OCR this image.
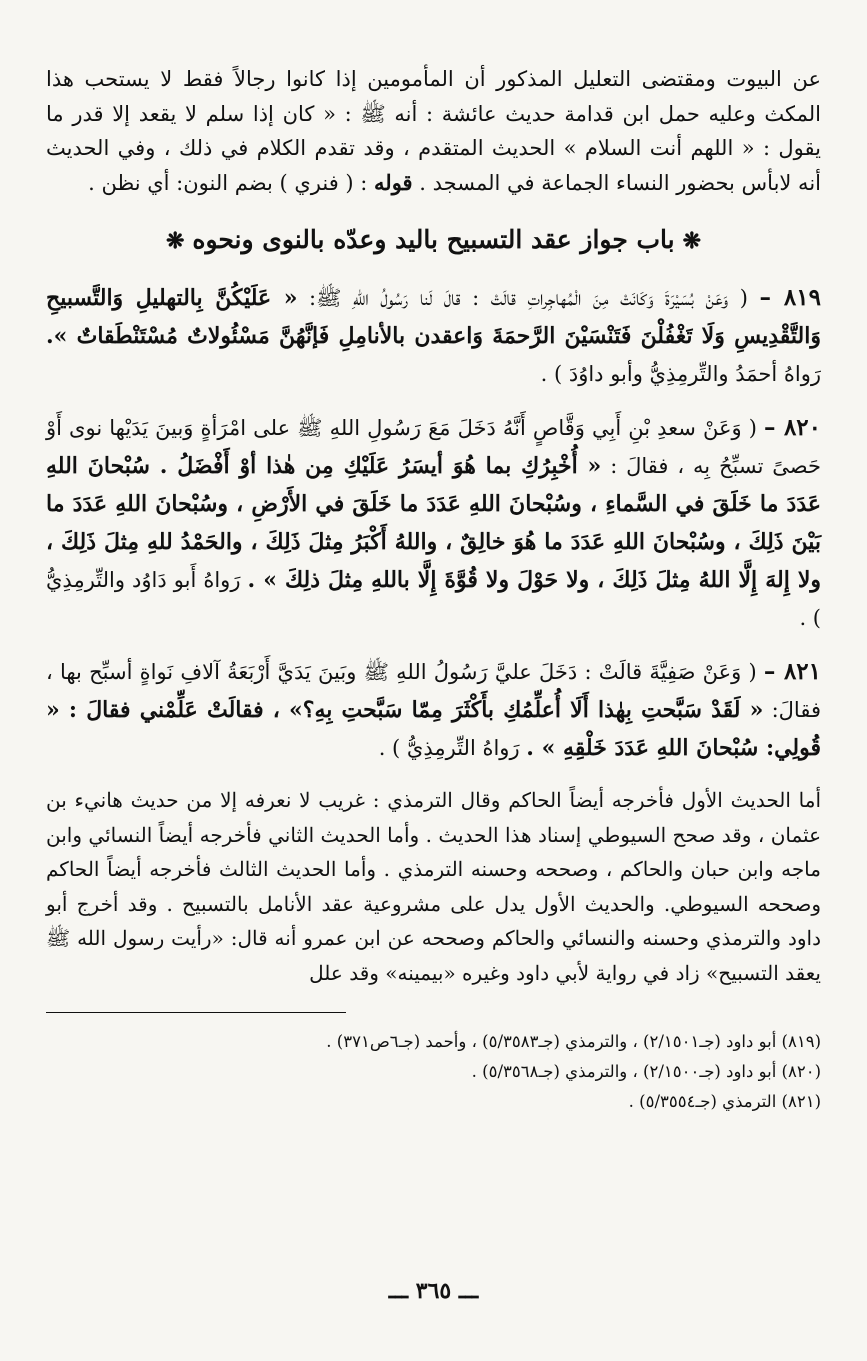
عن البيوت ومقتضى التعليل المذكور أن المأمومين إذا كانوا رجالاً فقط لا يستحب هذا المكث وعليه حمل ابن قدامة حديث عائشة : أنه ﷺ : « كان إذا سلم لا يقعد إلا قدر ما يقول : « اللهم أنت السلام » الحديث المتقدم ، وقد تقدم الكلام في ذلك ، وفي الحديث أنه لابأس بحضور النساء الجماعة في المسجد . قوله : ( فنري ) بضم النون: أي نظن .

❋باب جواز عقد التسبيح باليد وعدّه بالنوى ونحوه❋

٨١٩ – ( وَعَنْ بُسَيْرَةَ وَكَانَتْ مِنَ الْمُهاجِراتِ قالَتْ : قالَ لَنا رَسُولُ اللهِ ﷺ: « عَلَيْكُنَّ بِالتهليلِ وَالتَّسبيحِ وَالتَّقْدِيسِ وَلَا تَغْفُلْنَ فَتَنْسَيْنَ الرَّحمَةَ وَاعقدن بالأنامِلِ فَإنَّهُنَّ مَسْئُولاتٌ مُسْتَنْطَقاتٌ ». رَواهُ أحمَدُ والتِّرمِذِيُّ وأبو داوُدَ ) .

٨٢٠ – ( وَعَنْ سعدِ بْنِ أَبِي وَقَّاصٍ أَنَّهُ دَخَلَ مَعَ رَسُولِ اللهِ ﷺ على امْرَأةٍ وَبينَ يَدَيْها نوى أَوْ حَصىً تسبِّحُ بِه ، فقالَ : « أُخْبِرُكِ بما هُوَ أيسَرُ عَلَيْكِ مِن هٰذا أوْ أَفْضَلُ . سُبْحانَ اللهِ عَدَدَ ما خَلَقَ في السَّماءِ ، وسُبْحانَ اللهِ عَدَدَ ما خَلَقَ في الأَرْضِ ، وسُبْحانَ اللهِ عَدَدَ ما بَيْنَ ذَلِكَ ، وسُبْحانَ اللهِ عَدَدَ ما هُوَ خالِقٌ ، واللهُ أَكْبَرُ مِثلَ ذَلِكَ ، والحَمْدُ للهِ مِثلَ ذَلِكَ ، ولا إِلهَ إِلَّا اللهُ مِثلَ ذَلِكَ ، ولا حَوْلَ ولا قُوَّةَ إِلَّا باللهِ مِثلَ ذلِكَ » . رَواهُ أَبو دَاوُد والتِّرمِذِيُّ ) .

٨٢١ – ( وَعَنْ صَفِيَّةَ قالَتْ : دَخَلَ عليَّ رَسُولُ اللهِ ﷺ وبَينَ يَدَيَّ أَرْبَعَةُ آلافِ نَواةٍ أسبِّح بها ، فقالَ: « لَقَدْ سَبَّحتِ بِهٰذا أَلَا أُعلِّمُكِ بأَكْثَرَ مِمّا سَبَّحتِ بِهِ؟» ، فقالَتْ عَلِّمْني فقالَ : « قُولِي: سُبْحانَ اللهِ عَدَدَ خَلْقِهِ » . رَواهُ التِّرمِذِيُّ ) .

أما الحديث الأول فأخرجه أيضاً الحاكم وقال الترمذي : غريب لا نعرفه إلا من حديث هانيء بن عثمان ، وقد صحح السيوطي إسناد هذا الحديث . وأما الحديث الثاني فأخرجه أيضاً النسائي وابن ماجه وابن حبان والحاكم ، وصححه وحسنه الترمذي . وأما الحديث الثالث فأخرجه أيضاً الحاكم وصححه السيوطي. والحديث الأول يدل على مشروعية عقد الأنامل بالتسبيح . وقد أخرج أبو داود والترمذي وحسنه والنسائي والحاكم وصححه عن ابن عمرو أنه قال: «رأيت رسول الله ﷺ يعقد التسبيح» زاد في رواية لأبي داود وغيره «بيمينه» وقد علل

(٨١٩) أبو داود (جـ٢/١٥٠١) ، والترمذي (جـ٥/٣٥٨٣) ، وأحمد (جـ٦ص٣٧١) .

(٨٢٠) أبو داود (جـ٢/١٥٠٠) ، والترمذي (جـ٥/٣٥٦٨) .

(٨٢١) الترمذي (جـ٥/٣٥٥٤) .

ـــ ٣٦٥ ـــ
